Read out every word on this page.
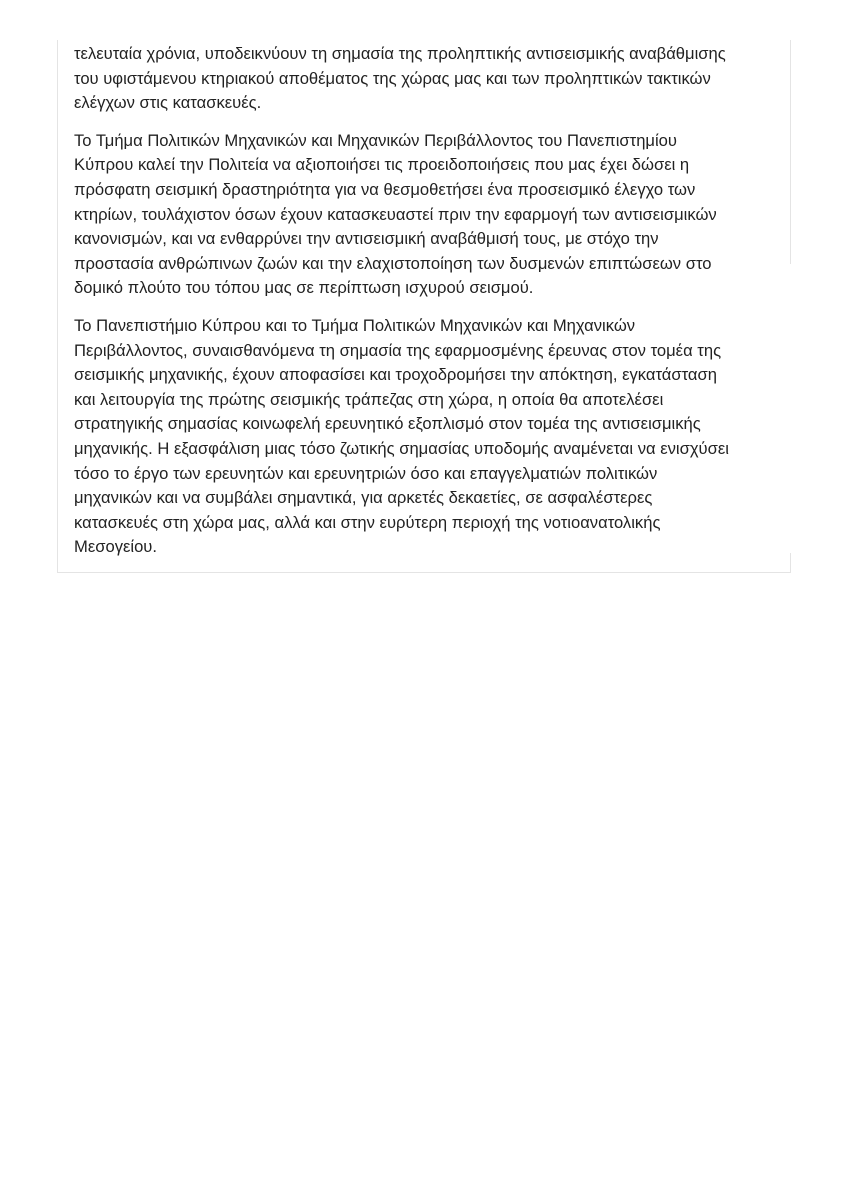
τελευταία χρόνια, υποδεικνύουν τη σημασία της προληπτικής αντισεισμικής αναβάθμισης
του υφιστάμενου κτηριακού αποθέματος της χώρας μας και των προληπτικών τακτικών
ελέγχων στις κατασκευές.

Το Τμήμα Πολιτικών Μηχανικών και Μηχανικών Περιβάλλοντος του Πανεπιστημίου
Κύπρου καλεί την Πολιτεία να αξιοποιήσει τις προειδοποιήσεις που μας έχει δώσει η
πρόσφατη σεισμική δραστηριότητα για να θεσμοθετήσει ένα προσεισμικό έλεγχο των
κτηρίων, τουλάχιστον όσων έχουν κατασκευαστεί πριν την εφαρμογή των αντισεισμικών
κανονισμών, και να ενθαρρύνει την αντισεισμική αναβάθμισή τους, με στόχο την
προστασία ανθρώπινων ζωών και την ελαχιστοποίηση των δυσμενών επιπτώσεων στο
δομικό πλούτο του τόπου μας σε περίπτωση ισχυρού σεισμού.

Το Πανεπιστήμιο Κύπρου και το Τμήμα Πολιτικών Μηχανικών και Μηχανικών
Περιβάλλοντος, συναισθανόμενα τη σημασία της εφαρμοσμένης έρευνας στον τομέα της
σεισμικής μηχανικής, έχουν αποφασίσει και τροχοδρομήσει την απόκτηση, εγκατάσταση
και λειτουργία της πρώτης σεισμικής τράπεζας στη χώρα, η οποία θα αποτελέσει
στρατηγικής σημασίας κοινωφελή ερευνητικό εξοπλισμό στον τομέα της αντισεισμικής
μηχανικής. Η εξασφάλιση μιας τόσο ζωτικής σημασίας υποδομής αναμένεται να ενισχύσει
τόσο το έργο των ερευνητών και ερευνητριών όσο και επαγγελματιών πολιτικών
μηχανικών και να συμβάλει σημαντικά, για αρκετές δεκαετίες, σε ασφαλέστερες
κατασκευές στη χώρα μας, αλλά και στην ευρύτερη περιοχή της νοτιοανατολικής
Μεσογείου.
